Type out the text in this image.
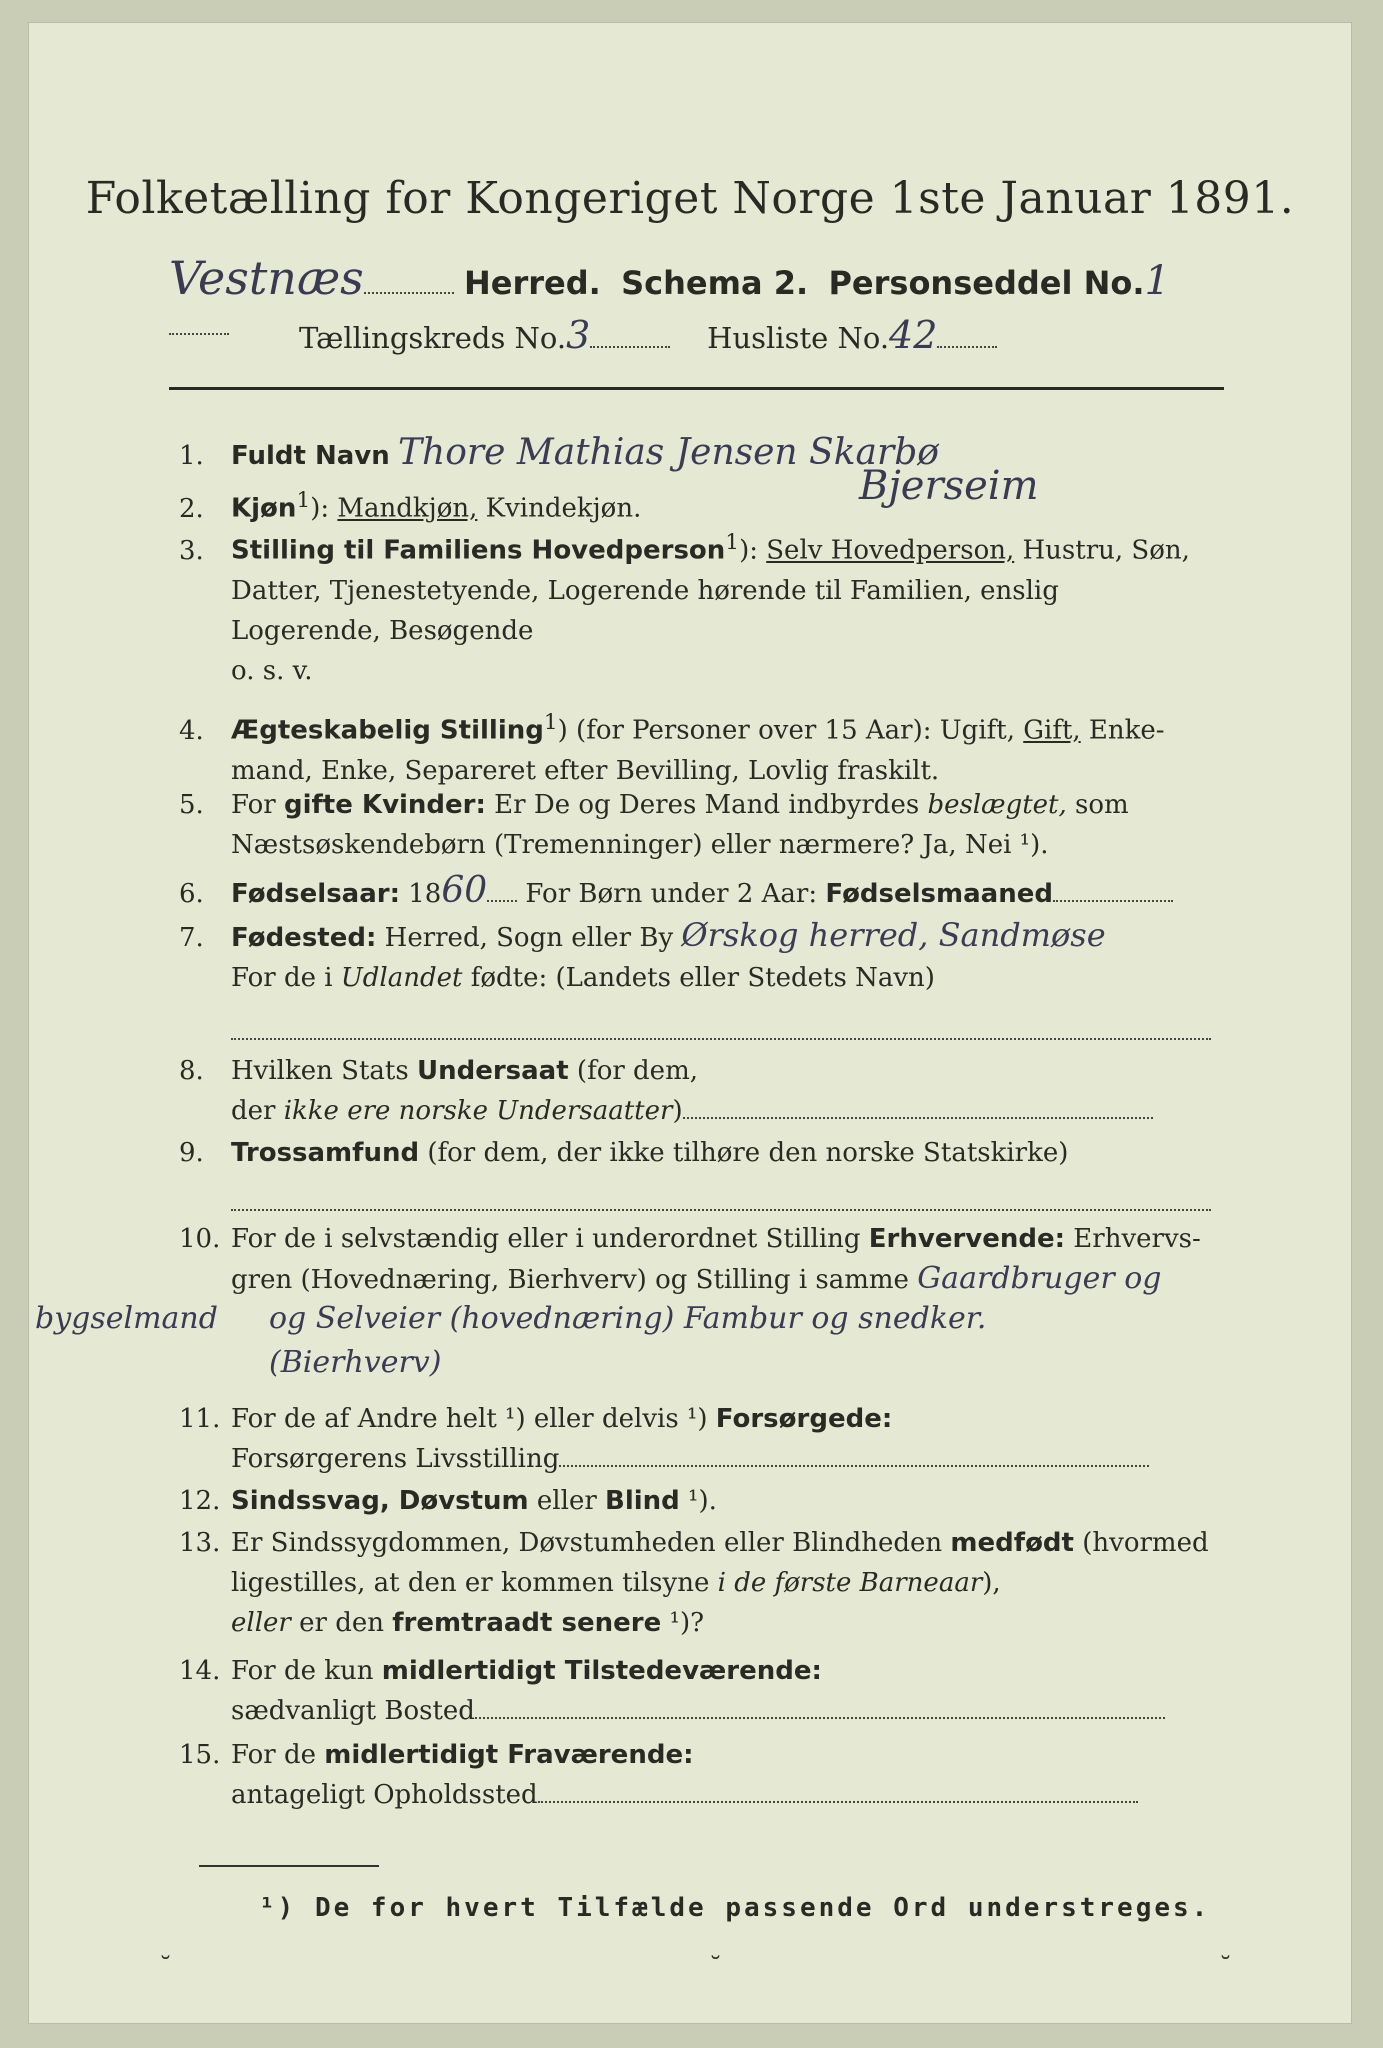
Folketælling for Kongeriget Norge 1ste Januar 1891.
Vestnæs	Herred. Schema 2. Personseddel No.1
Tællingskreds No.3	Husliste No.42
1. Fuldt Navn Thore Mathias Jensen Skarbø
Bjerseim
2. Kjøn$^1$): Mandkjøn, Kvindekjøn.
3. Stilling til Familiens Hovedperson$^1$): Selv Hovedperson, Hustru, Søn,

Datter, Tjenestetyende, Logerende hørende til Familien, enslig
Logerende, Besøgende
o. s. v.
4. Ægteskabelig Stilling$^1$) (for Personer over 15 Aar): Ugift, Gift, Enke-
mand, Enke, Separeret efter Bevilling, Lovlig fraskilt.
5. For gifte Kvinder: Er De og Deres Mand indbyrdes beslægtet, som
Næstsøskendebørn (Tremenninger) eller nærmere? Ja, Nei ¹).
6. Fødselsaar: 1860 For Børn under 2 Aar: Fødselsmaaned
7. Fødested: Herred, Sogn eller By Ørskog herred, Sandmøse
For de i Udlandet fødte: (Landets eller Stedets Navn)
8. Hvilken Stats Undersaat (for dem,
der ikke ere norske Undersaatter)
9. Trossamfund (for dem, der ikke tilhøre den norske Statskirke)
10. For de i selvstændig eller i underordnet Stilling Erhvervende: Erhvervs-
gren (Hovednæring, Bierhverv) og Stilling i samme Gaardbruger og
bygselmand og Selveier (hovednæring) Fambur og snedker.
(Bierhverv)
11. For de af Andre helt ¹) eller delvis ¹) Forsørgede:
Forsørgerens Livsstilling
12. Sindssvag, Døvstum eller Blind ¹).
13. Er Sindssygdommen, Døvstumheden eller Blindheden medfødt (hvormed
ligestilles, at den er kommen tilsyne i de første Barneaar),
eller er den fremtraadt senere ¹)?
14. For de kun midlertidigt Tilstedeværende:
sædvanligt Bosted
15. For de midlertidigt Fraværende:
antageligt Opholdssted
¹) De for hvert Tilfælde passende Ord understreges.
˘	˘	˘
